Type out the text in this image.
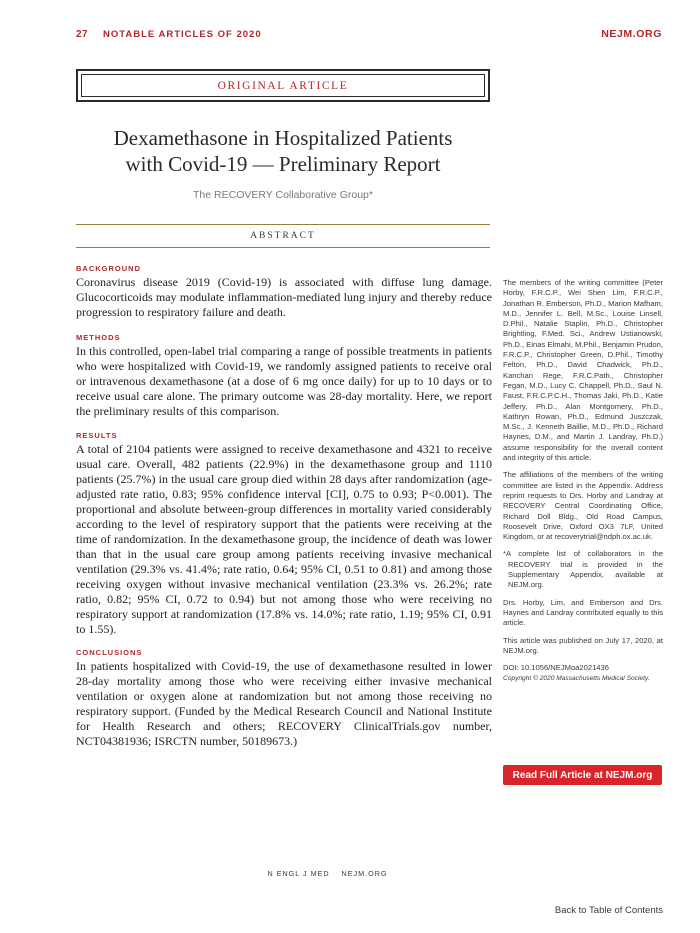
27 NOTABLE ARTICLES OF 2020	NEJM.ORG
ORIGINAL ARTICLE
Dexamethasone in Hospitalized Patients
with Covid-19 — Preliminary Report
The RECOVERY Collaborative Group*
ABSTRACT
BACKGROUND
Coronavirus disease 2019 (Covid-19) is associated with diffuse lung damage. Glucocorticoids may modulate inflammation-mediated lung injury and thereby reduce progression to respiratory failure and death.
METHODS
In this controlled, open-label trial comparing a range of possible treatments in patients who were hospitalized with Covid-19, we randomly assigned patients to receive oral or intravenous dexamethasone (at a dose of 6 mg once daily) for up to 10 days or to receive usual care alone. The primary outcome was 28-day mortality. Here, we report the preliminary results of this comparison.
RESULTS
A total of 2104 patients were assigned to receive dexamethasone and 4321 to receive usual care. Overall, 482 patients (22.9%) in the dexamethasone group and 1110 patients (25.7%) in the usual care group died within 28 days after randomization (age-adjusted rate ratio, 0.83; 95% confidence interval [CI], 0.75 to 0.93; P<0.001). The proportional and absolute between-group differences in mortality varied considerably according to the level of respiratory support that the patients were receiving at the time of randomization. In the dexamethasone group, the incidence of death was lower than that in the usual care group among patients receiving invasive mechanical ventilation (29.3% vs. 41.4%; rate ratio, 0.64; 95% CI, 0.51 to 0.81) and among those receiving oxygen without invasive mechanical ventilation (23.3% vs. 26.2%; rate ratio, 0.82; 95% CI, 0.72 to 0.94) but not among those who were receiving no respiratory support at randomization (17.8% vs. 14.0%; rate ratio, 1.19; 95% CI, 0.91 to 1.55).
CONCLUSIONS
In patients hospitalized with Covid-19, the use of dexamethasone resulted in lower 28-day mortality among those who were receiving either invasive mechanical ventilation or oxygen alone at randomization but not among those receiving no respiratory support. (Funded by the Medical Research Council and National Institute for Health Research and others; RECOVERY ClinicalTrials.gov number, NCT04381936; ISRCTN number, 50189673.)

The members of the writing committee (Peter Horby, F.R.C.P., Wei Shen Lim, F.R.C.P., Jonathan R. Emberson, Ph.D., Marion Mafham, M.D., Jennifer L. Bell, M.Sc., Louise Linsell, D.Phil., Natalie Staplin, Ph.D., Christopher Brightling, F.Med. Sci., Andrew Ustianowski, Ph.D., Einas Elmahi, M.Phil., Benjamin Prudon, F.R.C.P., Christopher Green, D.Phil., Timothy Felton, Ph.D., David Chadwick, Ph.D., Kanchan Rege, F.R.C.Path., Christopher Fegan, M.D., Lucy C. Chappell, Ph.D., Saul N. Faust, F.R.C.P.C.H., Thomas Jaki, Ph.D., Katie Jeffery, Ph.D., Alan Montgomery, Ph.D., Kathryn Rowan, Ph.D., Edmund Juszczak, M.Sc., J. Kenneth Baillie, M.D., Ph.D., Richard Haynes, D.M., and Martin J. Landray, Ph.D.) assume responsibility for the overall content and integrity of this article.

The affiliations of the members of the writing committee are listed in the Appendix. Address reprint requests to Drs. Horby and Landray at RECOVERY Central Coordinating Office, Richard Doll Bldg., Old Road Campus, Roosevelt Drive, Oxford OX3 7LF, United Kingdom, or at recoverytrial@ndph.ox.ac.uk.

*A complete list of collaborators in the RECOVERY trial is provided in the Supplementary Appendix, available at NEJM.org.

Drs. Horby, Lim, and Emberson and Drs. Haynes and Landray contributed equally to this article.

This article was published on July 17, 2020, at NEJM.org.

DOI: 10.1056/NEJMoa2021436
Copyright © 2020 Massachusetts Medical Society.
Read Full Article at NEJM.org
N ENGL J MED    NEJM.ORG
Back to Table of Contents
